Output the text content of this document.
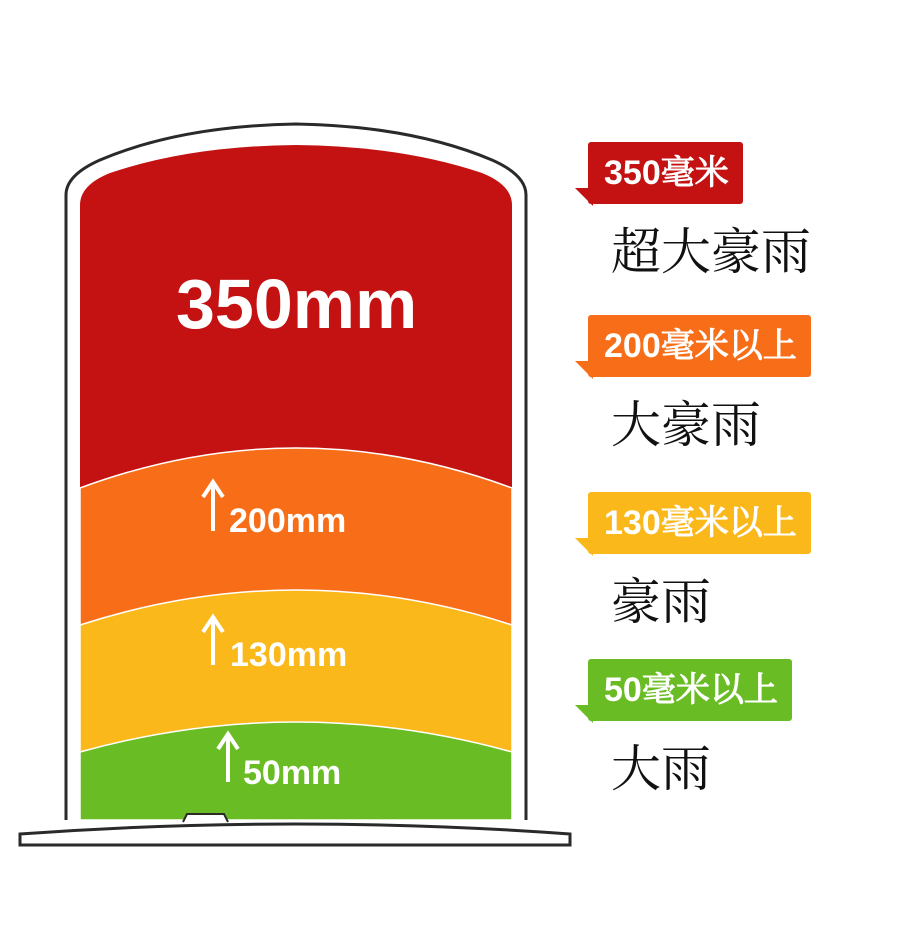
350mm
200mm
130mm
50mm
350毫米
超大豪雨
200毫米以上
大豪雨
130毫米以上
豪雨
50毫米以上
大雨
